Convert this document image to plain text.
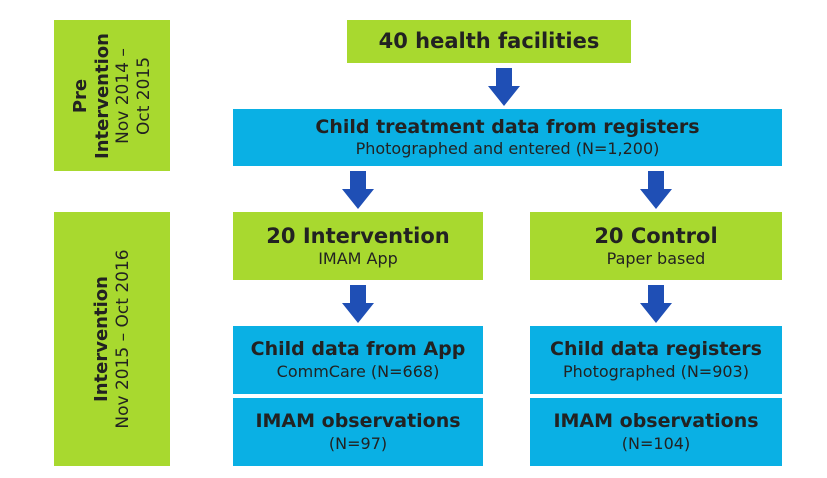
Pre Intervention Nov 2014 – Oct 2015
Intervention Nov 2015 – Oct 2016
40 health facilities
Child treatment data from registers
Photographed and entered (N=1,200)
20 Intervention
IMAM App
20 Control
Paper based
Child data from App
CommCare (N=668)
IMAM observations
(N=97)
Child data registers
Photographed (N=903)
IMAM observations
(N=104)
